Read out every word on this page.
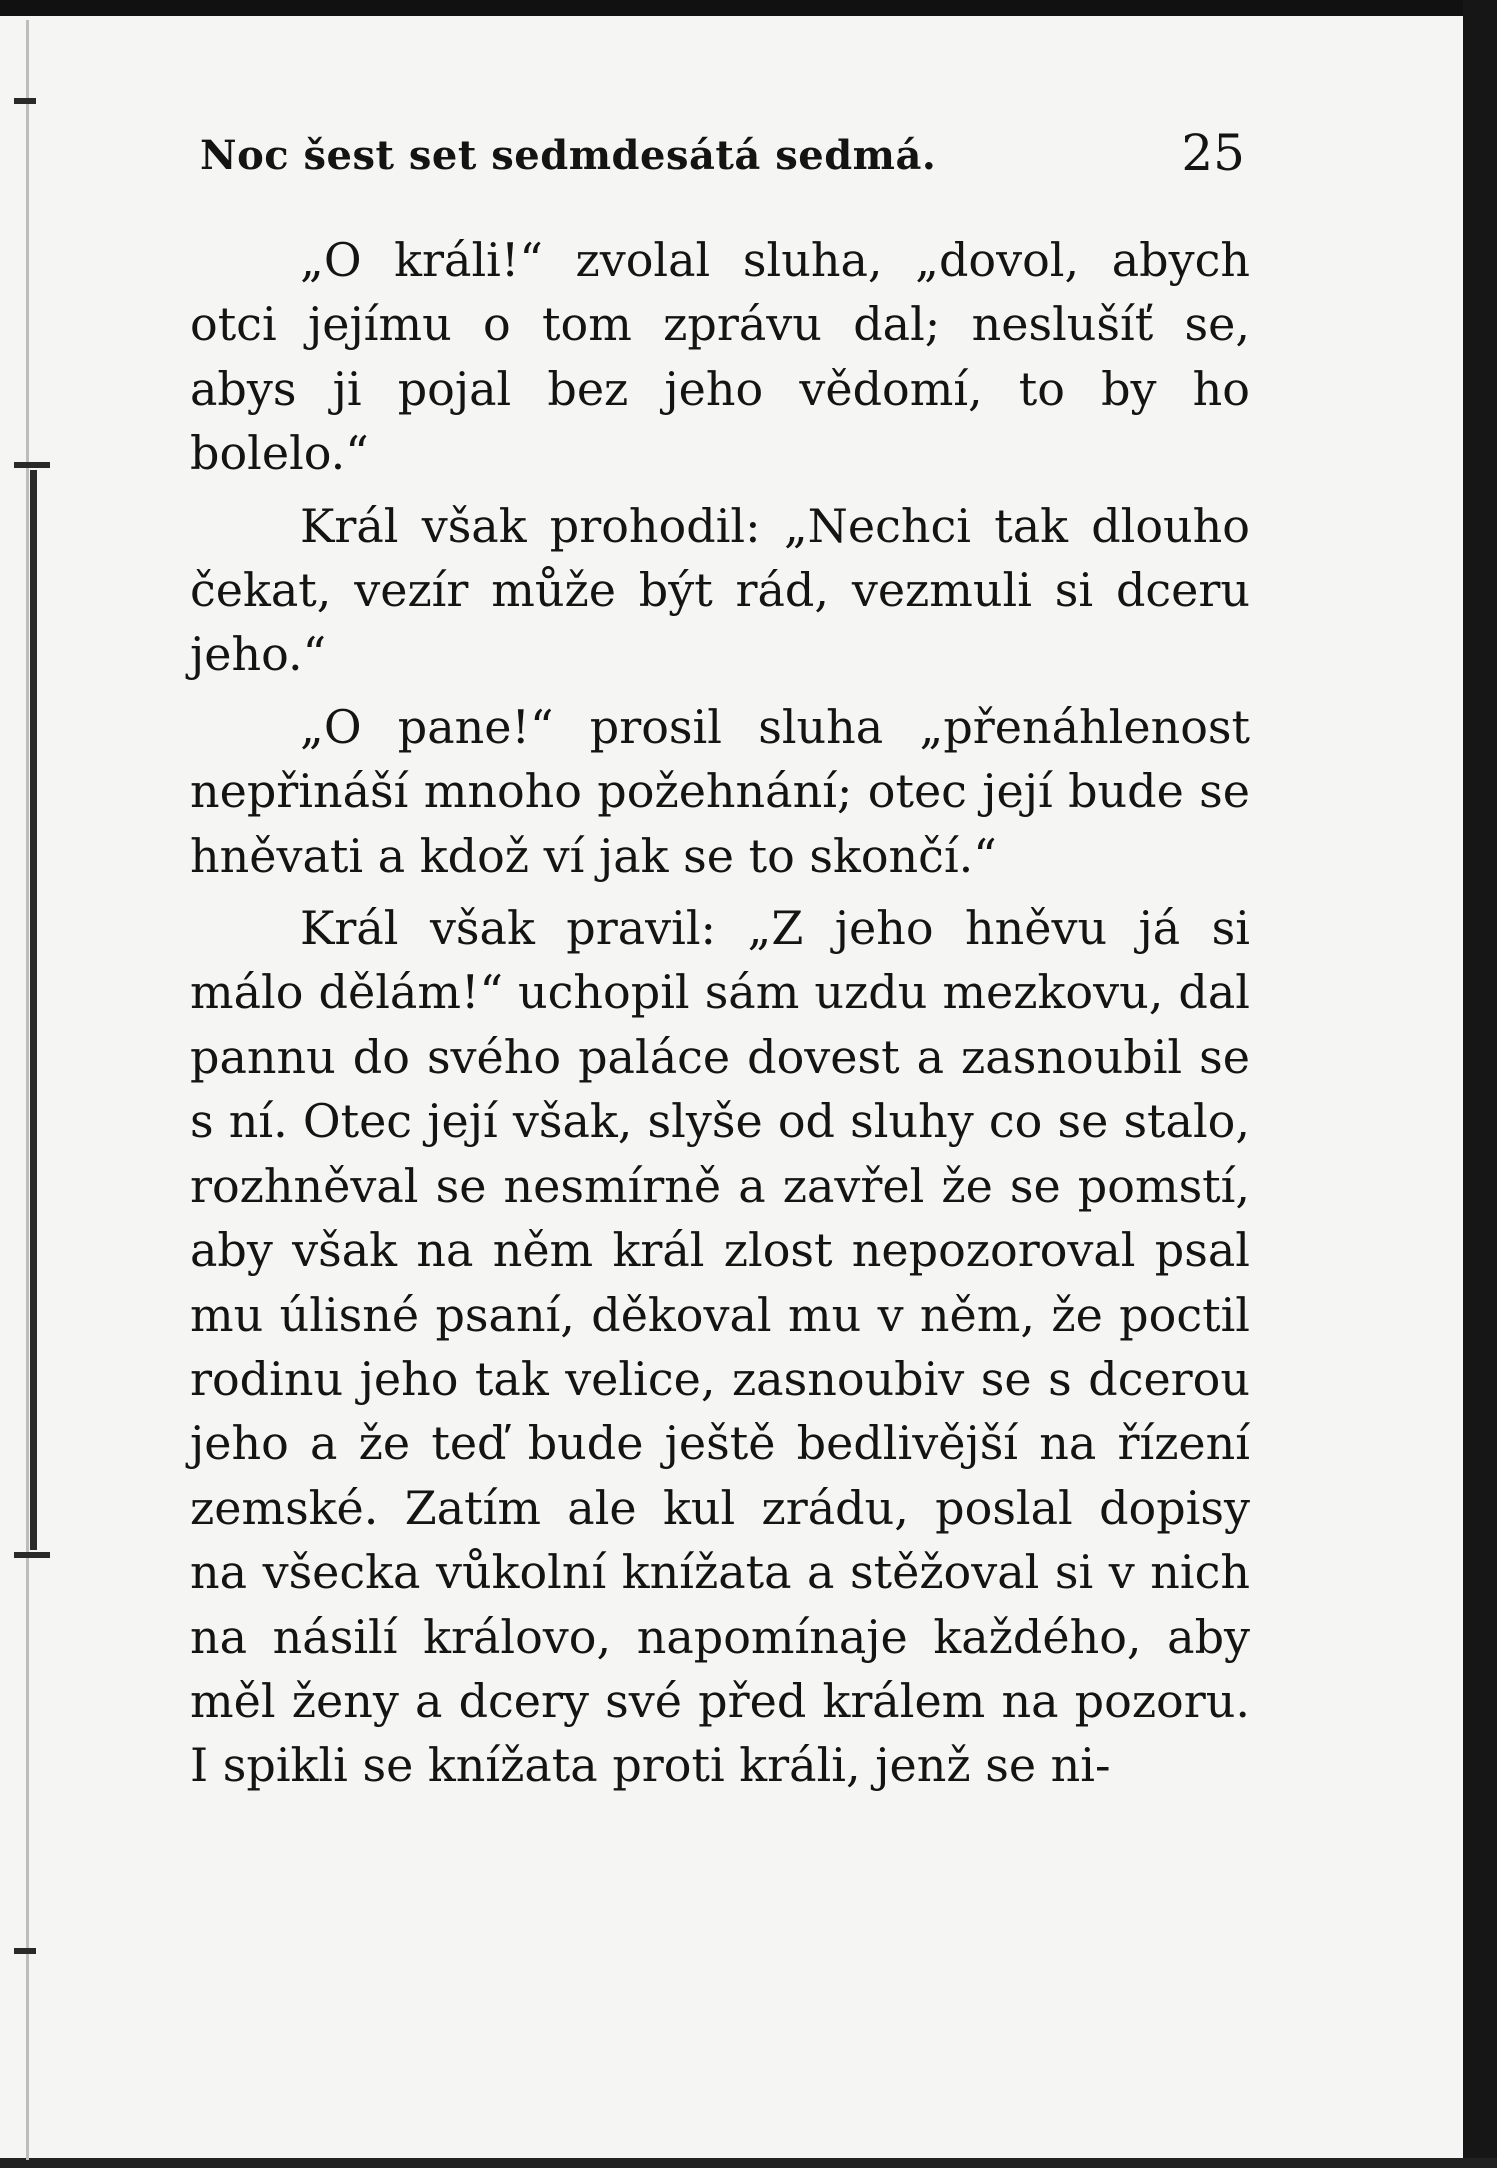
Noc šest set sedmdesátá sedmá.	25

„O králi!“ zvolal sluha, „dovol, abych otci jejímu o tom zprávu dal; neslušíť se, abys ji pojal bez jeho vědomí, to by ho bolelo.“

Král však prohodil: „Nechci tak dlouho čekat, vezír může být rád, vezmuli si dceru jeho.“

„O pane!“ prosil sluha „přenáhlenost nepřináší mnoho požehnání; otec její bude se hněvati a kdož ví jak se to skončí.“

Král však pravil: „Z jeho hněvu já si málo dělám!“ uchopil sám uzdu mezkovu, dal pannu do svého paláce dovest a zasnoubil se s ní. Otec její však, slyše od sluhy co se stalo, rozhněval se nesmírně a zavřel že se pomstí, aby však na něm král zlost nepozoroval psal mu úlisné psaní, děkoval mu v něm, že poctil rodinu jeho tak velice, zasnoubiv se s dcerou jeho a že teď bude ještě bedlivější na řízení zemské. Zatím ale kul zrádu, poslal dopisy na všecka vůkolní knížata a stěžoval si v nich na násilí královo, napomínaje každého, aby měl ženy a dcery své před králem na pozoru. I spikli se knížata proti králi, jenž se ni-
